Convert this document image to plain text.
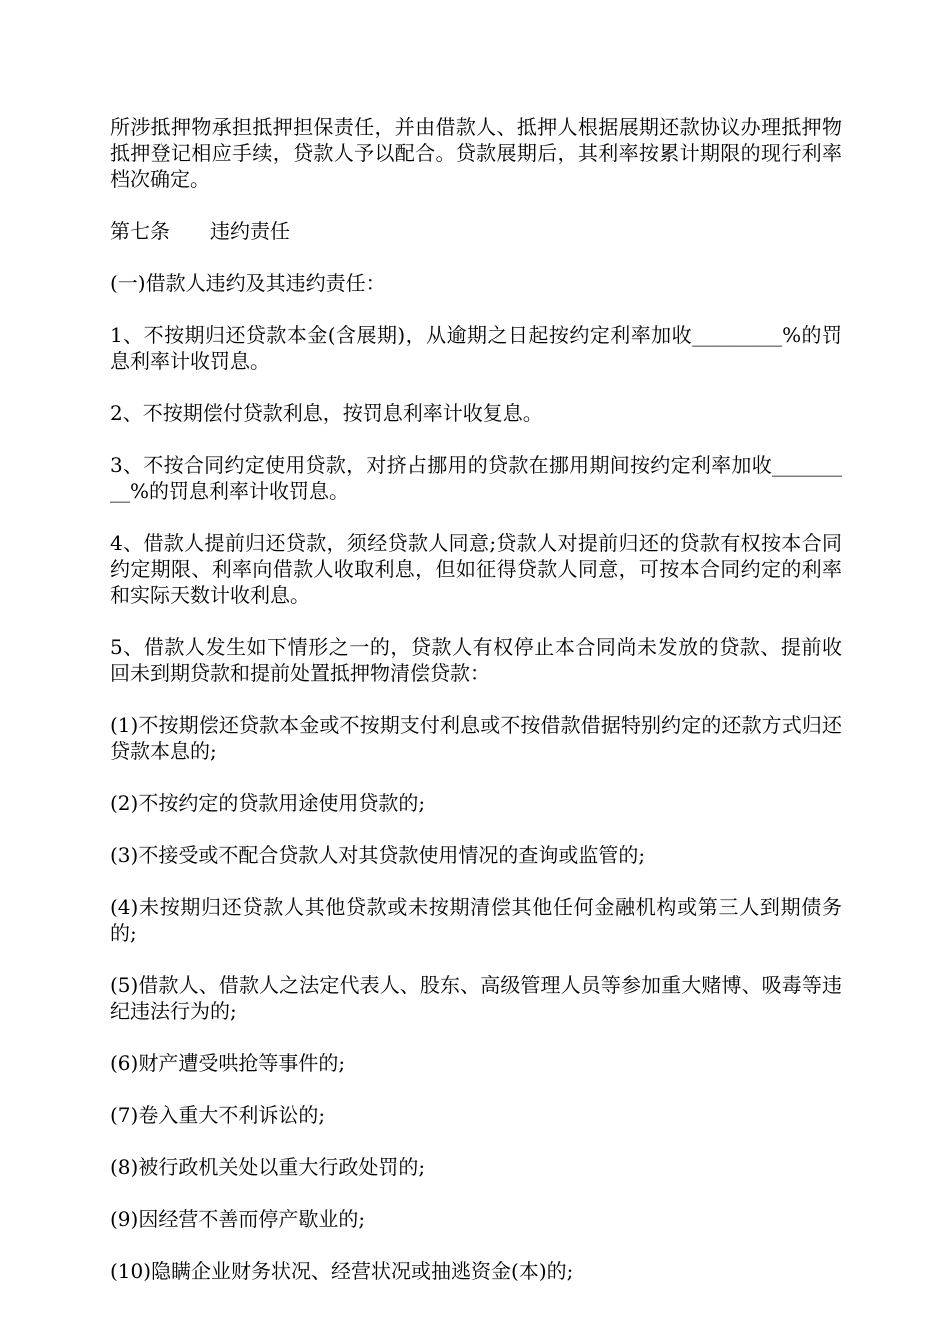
所涉抵押物承担抵押担保责任，并由借款人、抵押人根据展期还款协议办理抵押物抵押登记相应手续，贷款人予以配合。贷款展期后，其利率按累计期限的现行利率档次确定。

第七条 违约责任

(一)借款人违约及其违约责任：

1、不按期归还贷款本金(含展期)，从逾期之日起按约定利率加收_________%的罚息利率计收罚息。

2、不按期偿付贷款利息，按罚息利率计收复息。

3、不按合同约定使用贷款，对挤占挪用的贷款在挪用期间按约定利率加收_________%的罚息利率计收罚息。

4、借款人提前归还贷款，须经贷款人同意;贷款人对提前归还的贷款有权按本合同约定期限、利率向借款人收取利息，但如征得贷款人同意，可按本合同约定的利率和实际天数计收利息。

5、借款人发生如下情形之一的，贷款人有权停止本合同尚未发放的贷款、提前收回未到期贷款和提前处置抵押物清偿贷款：

(1)不按期偿还贷款本金或不按期支付利息或不按借款借据特别约定的还款方式归还贷款本息的;

(2)不按约定的贷款用途使用贷款的;

(3)不接受或不配合贷款人对其贷款使用情况的查询或监管的;

(4)未按期归还贷款人其他贷款或未按期清偿其他任何金融机构或第三人到期债务的;

(5)借款人、借款人之法定代表人、股东、高级管理人员等参加重大赌博、吸毒等违纪违法行为的;

(6)财产遭受哄抢等事件的;

(7)卷入重大不利诉讼的;

(8)被行政机关处以重大行政处罚的;

(9)因经营不善而停产歇业的;

(10)隐瞒企业财务状况、经营状况或抽逃资金(本)的;
